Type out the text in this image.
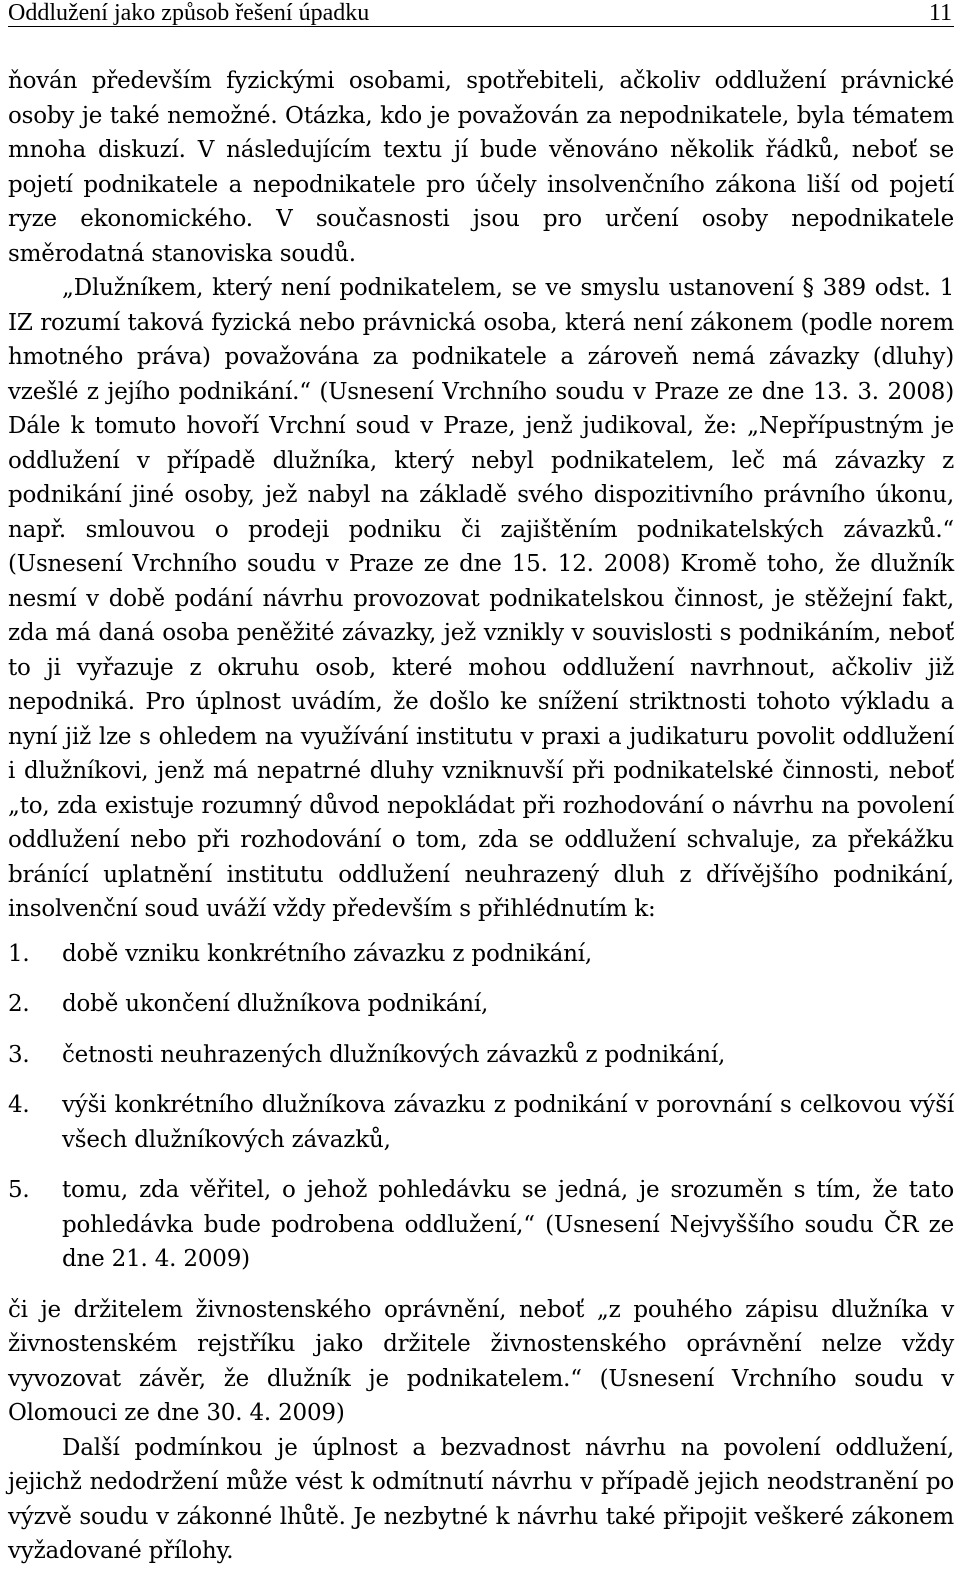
Oddlužení jako způsob řešení úpadku	11

ňován především fyzickými osobami, spotřebiteli, ačkoliv oddlužení právnické osoby je také nemožné. Otázka, kdo je považován za nepodnikatele, byla tématem mnoha diskuzí. V následujícím textu jí bude věnováno několik řádků, neboť se pojetí podnikatele a nepodnikatele pro účely insolvenčního zákona liší od pojetí ryze ekonomického. V současnosti jsou pro určení osoby nepodnikatele směrodatná stanoviska soudů.

„Dlužníkem, který není podnikatelem, se ve smyslu ustanovení § 389 odst. 1 IZ rozumí taková fyzická nebo právnická osoba, která není zákonem (podle norem hmotného práva) považována za podnikatele a zároveň nemá závazky (dluhy) vzešlé z jejího podnikání.“ (Usnesení Vrchního soudu v Praze ze dne 13. 3. 2008) Dále k tomuto hovoří Vrchní soud v Praze, jenž judikoval, že: „Nepřípustným je oddlužení v případě dlužníka, který nebyl podnikatelem, leč má závazky z podnikání jiné osoby, jež nabyl na základě svého dispozitivního právního úkonu, např. smlouvou o prodeji podniku či zajištěním podnikatelských závazků.“ (Usnesení Vrchního soudu v Praze ze dne 15. 12. 2008) Kromě toho, že dlužník nesmí v době podání návrhu provozovat podnikatelskou činnost, je stěžejní fakt, zda má daná osoba peněžité závazky, jež vznikly v souvislosti s podnikáním, neboť to ji vyřazuje z okruhu osob, které mohou oddlužení navrhnout, ačkoliv již nepodniká. Pro úplnost uvádím, že došlo ke snížení striktnosti tohoto výkladu a nyní již lze s ohledem na využívání institutu v praxi a judikaturu povolit oddlužení i dlužníkovi, jenž má nepatrné dluhy vzniknuvší při podnikatelské činnosti, neboť „to, zda existuje rozumný důvod nepokládat při rozhodování o návrhu na povolení oddlužení nebo při rozhodování o tom, zda se oddlužení schvaluje, za překážku bránící uplatnění institutu oddlužení neuhrazený dluh z dřívějšího podnikání, insolvenční soud uváží vždy především s přihlédnutím k:

1. době vzniku konkrétního závazku z podnikání,
2. době ukončení dlužníkova podnikání,
3. četnosti neuhrazených dlužníkových závazků z podnikání,
4. výši konkrétního dlužníkova závazku z podnikání v porovnání s celkovou výší všech dlužníkových závazků,
5. tomu, zda věřitel, o jehož pohledávku se jedná, je srozuměn s tím, že tato pohledávka bude podrobena oddlužení,“ (Usnesení Nejvyššího soudu ČR ze dne 21. 4. 2009)

či je držitelem živnostenského oprávnění, neboť „z pouhého zápisu dlužníka v živnostenském rejstříku jako držitele živnostenského oprávnění nelze vždy vyvozovat závěr, že dlužník je podnikatelem.“ (Usnesení Vrchního soudu v Olomouci ze dne 30. 4. 2009)

Další podmínkou je úplnost a bezvadnost návrhu na povolení oddlužení, jejichž nedodržení může vést k odmítnutí návrhu v případě jejich neodstranění po výzvě soudu v zákonné lhůtě. Je nezbytné k návrhu také připojit veškeré zákonem vyžadované přílohy.
